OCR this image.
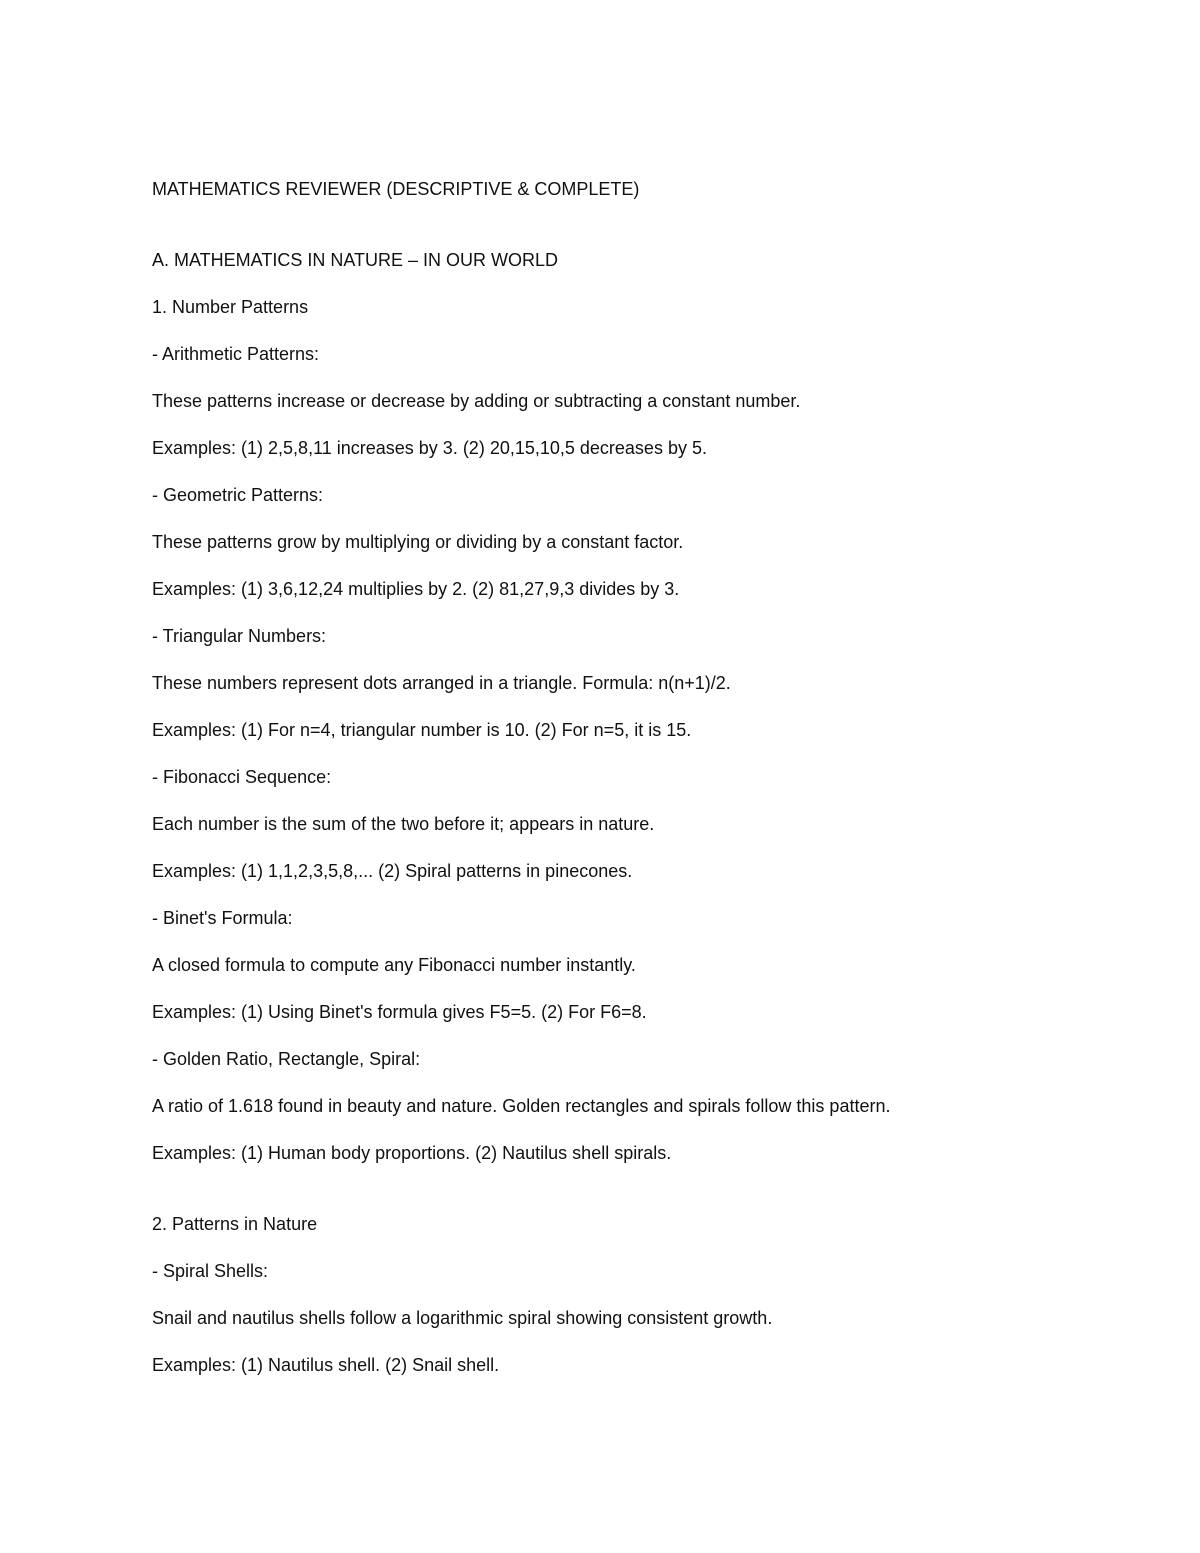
MATHEMATICS REVIEWER (DESCRIPTIVE & COMPLETE)

A. MATHEMATICS IN NATURE – IN OUR WORLD

1. Number Patterns

- Arithmetic Patterns:

These patterns increase or decrease by adding or subtracting a constant number.

Examples: (1) 2,5,8,11 increases by 3. (2) 20,15,10,5 decreases by 5.

- Geometric Patterns:

These patterns grow by multiplying or dividing by a constant factor.

Examples: (1) 3,6,12,24 multiplies by 2. (2) 81,27,9,3 divides by 3.

- Triangular Numbers:

These numbers represent dots arranged in a triangle. Formula: n(n+1)/2.

Examples: (1) For n=4, triangular number is 10. (2) For n=5, it is 15.

- Fibonacci Sequence:

Each number is the sum of the two before it; appears in nature.

Examples: (1) 1,1,2,3,5,8,... (2) Spiral patterns in pinecones.

- Binet's Formula:

A closed formula to compute any Fibonacci number instantly.

Examples: (1) Using Binet's formula gives F5=5. (2) For F6=8.

- Golden Ratio, Rectangle, Spiral:

A ratio of 1.618 found in beauty and nature. Golden rectangles and spirals follow this pattern.

Examples: (1) Human body proportions. (2) Nautilus shell spirals.

2. Patterns in Nature

- Spiral Shells:

Snail and nautilus shells follow a logarithmic spiral showing consistent growth.

Examples: (1) Nautilus shell. (2) Snail shell.
